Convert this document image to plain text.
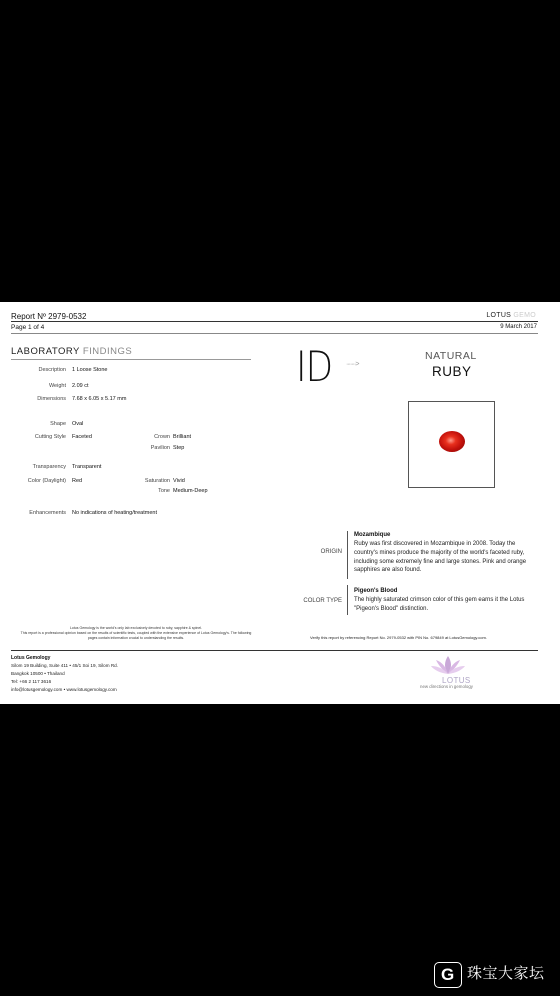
Report Nº 2979-0532
Page 1 of 4
LOTUS GEMO
9 March 2017
LABORATORY FINDINGS
Description 1 Loose Stone
Weight 2.09 ct
Dimensions 7.68 x 6.05 x 5.17 mm
Shape Oval
Cutting Style Faceted	Crown Brilliant
Pavilion Step
Transparency Transparent
Color (Daylight) Red	Saturation Vivid
Tone Medium-Deep
Enhancements No indications of heating/treatment
ID ·······>
NATURAL
RUBY
ORIGIN
Mozambique
Ruby was first discovered in Mozambique in 2008. Today the country's mines produce the majority of the world's faceted ruby, including some extremely fine and large stones. Pink and orange sapphires are also found.
COLOR TYPE
Pigeon's Blood
The highly saturated crimson color of this gem earns it the Lotus "Pigeon's Blood" distinction.
Lotus Gemology is the world's only lab exclusively devoted to ruby, sapphire & spinel.
This report is a professional opinion based on the results of scientific tests, coupled with the extensive experience of Lotus Gemology's. The following pages contain information crucial to understanding the results.	Verify this report by referencing Report No. 2979-0532 with PIN No. 679849 at LotusGemology.com.
Lotus Gemology
Silom 19 Building, Suite 411 • 45/1 Soi 19, Silom Rd.
Bangkok 10500 • Thailand
Tel: +66 2 117 3616
info@lotusgemology.com • www.lotusgemology.com
LOTUS
new directions in gemology
G 珠宝大家坛
